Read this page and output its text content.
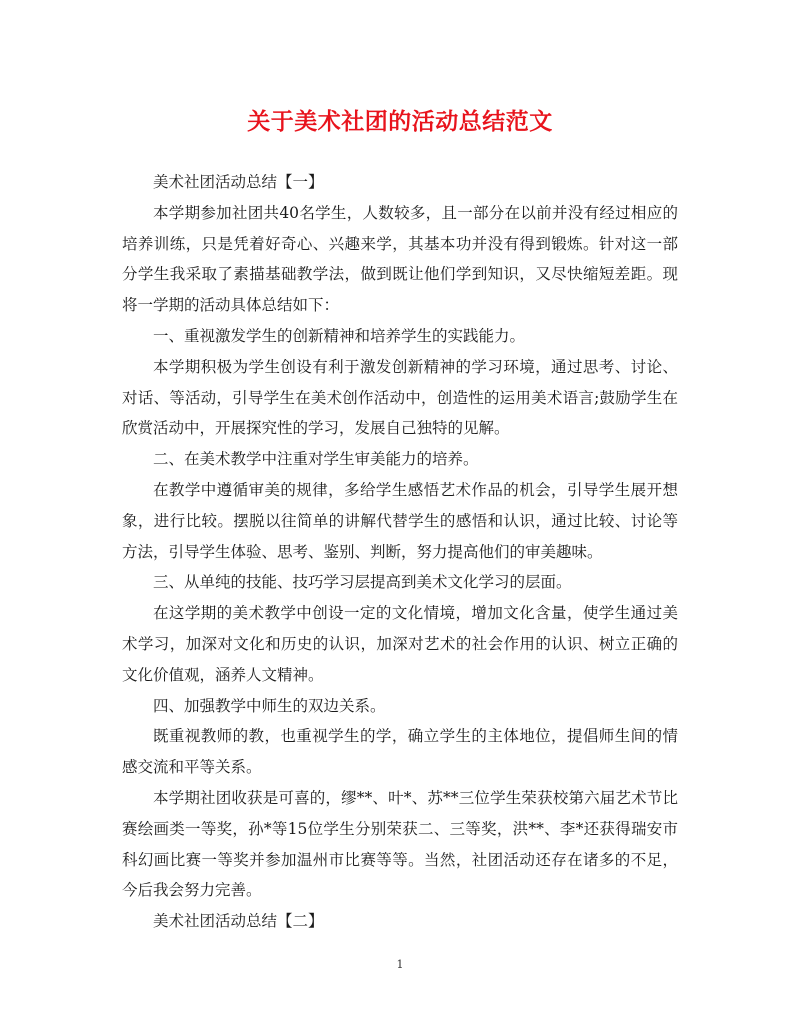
关于美术社团的活动总结范文

美术社团活动总结【一】

本学期参加社团共40名学生，人数较多，且一部分在以前并没有经过相应的培养训练，只是凭着好奇心、兴趣来学，其基本功并没有得到锻炼。针对这一部分学生我采取了素描基础教学法，做到既让他们学到知识，又尽快缩短差距。现将一学期的活动具体总结如下：

一、重视激发学生的创新精神和培养学生的实践能力。

本学期积极为学生创设有利于激发创新精神的学习环境，通过思考、讨论、对话、等活动，引导学生在美术创作活动中，创造性的运用美术语言;鼓励学生在欣赏活动中，开展探究性的学习，发展自己独特的见解。

二、在美术教学中注重对学生审美能力的培养。

在教学中遵循审美的规律，多给学生感悟艺术作品的机会，引导学生展开想象，进行比较。摆脱以往简单的讲解代替学生的感悟和认识，通过比较、讨论等方法，引导学生体验、思考、鉴别、判断，努力提高他们的审美趣味。

三、从单纯的技能、技巧学习层提高到美术文化学习的层面。

在这学期的美术教学中创设一定的文化情境，增加文化含量，使学生通过美术学习，加深对文化和历史的认识，加深对艺术的社会作用的认识、树立正确的文化价值观，涵养人文精神。

四、加强教学中师生的双边关系。

既重视教师的教，也重视学生的学，确立学生的主体地位，提倡师生间的情感交流和平等关系。

本学期社团收获是可喜的，缪**、叶*、苏**三位学生荣获校第六届艺术节比赛绘画类一等奖，孙*等15位学生分别荣获二、三等奖，洪**、李*还获得瑞安市科幻画比赛一等奖并参加温州市比赛等等。当然，社团活动还存在诸多的不足，今后我会努力完善。

美术社团活动总结【二】

1
